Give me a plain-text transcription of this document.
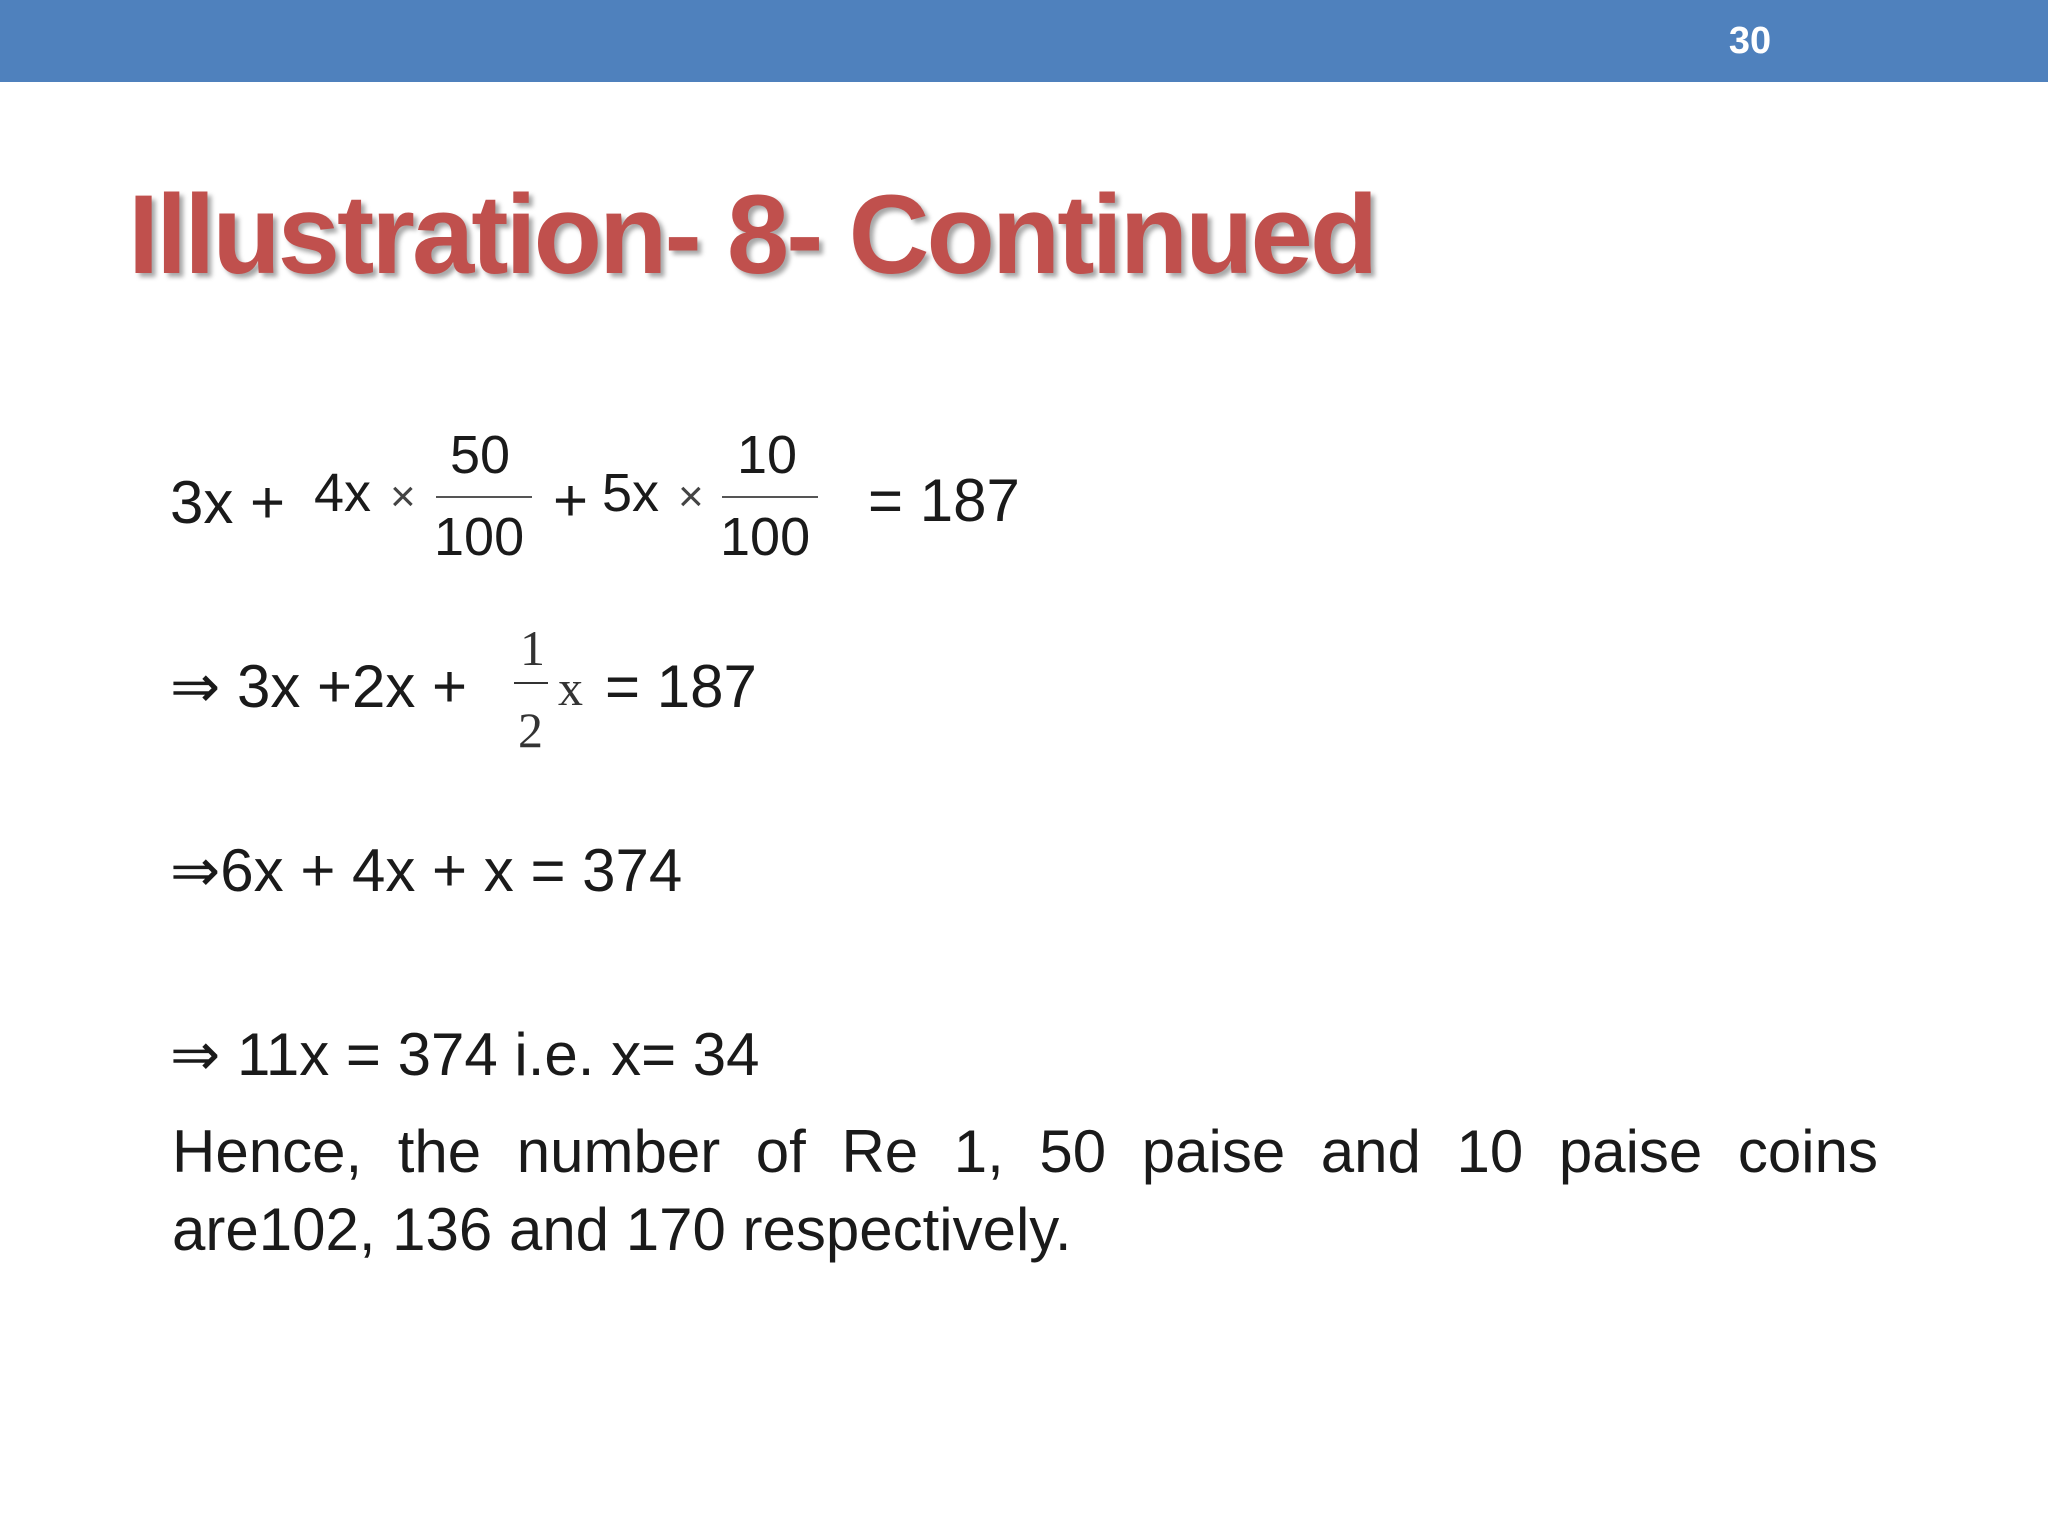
30
Illustration- 8- Continued
3x + 4x ×
50
100
+ 5x ×
10
100
= 187
⇒ 3x +2x +
1
2
x = 187
⇒6x + 4x + x = 374
⇒ 11x = 374 i.e. x= 34
Hence, the number of Re 1, 50 paise and 10 paise coins
are102, 136 and 170 respectively.
